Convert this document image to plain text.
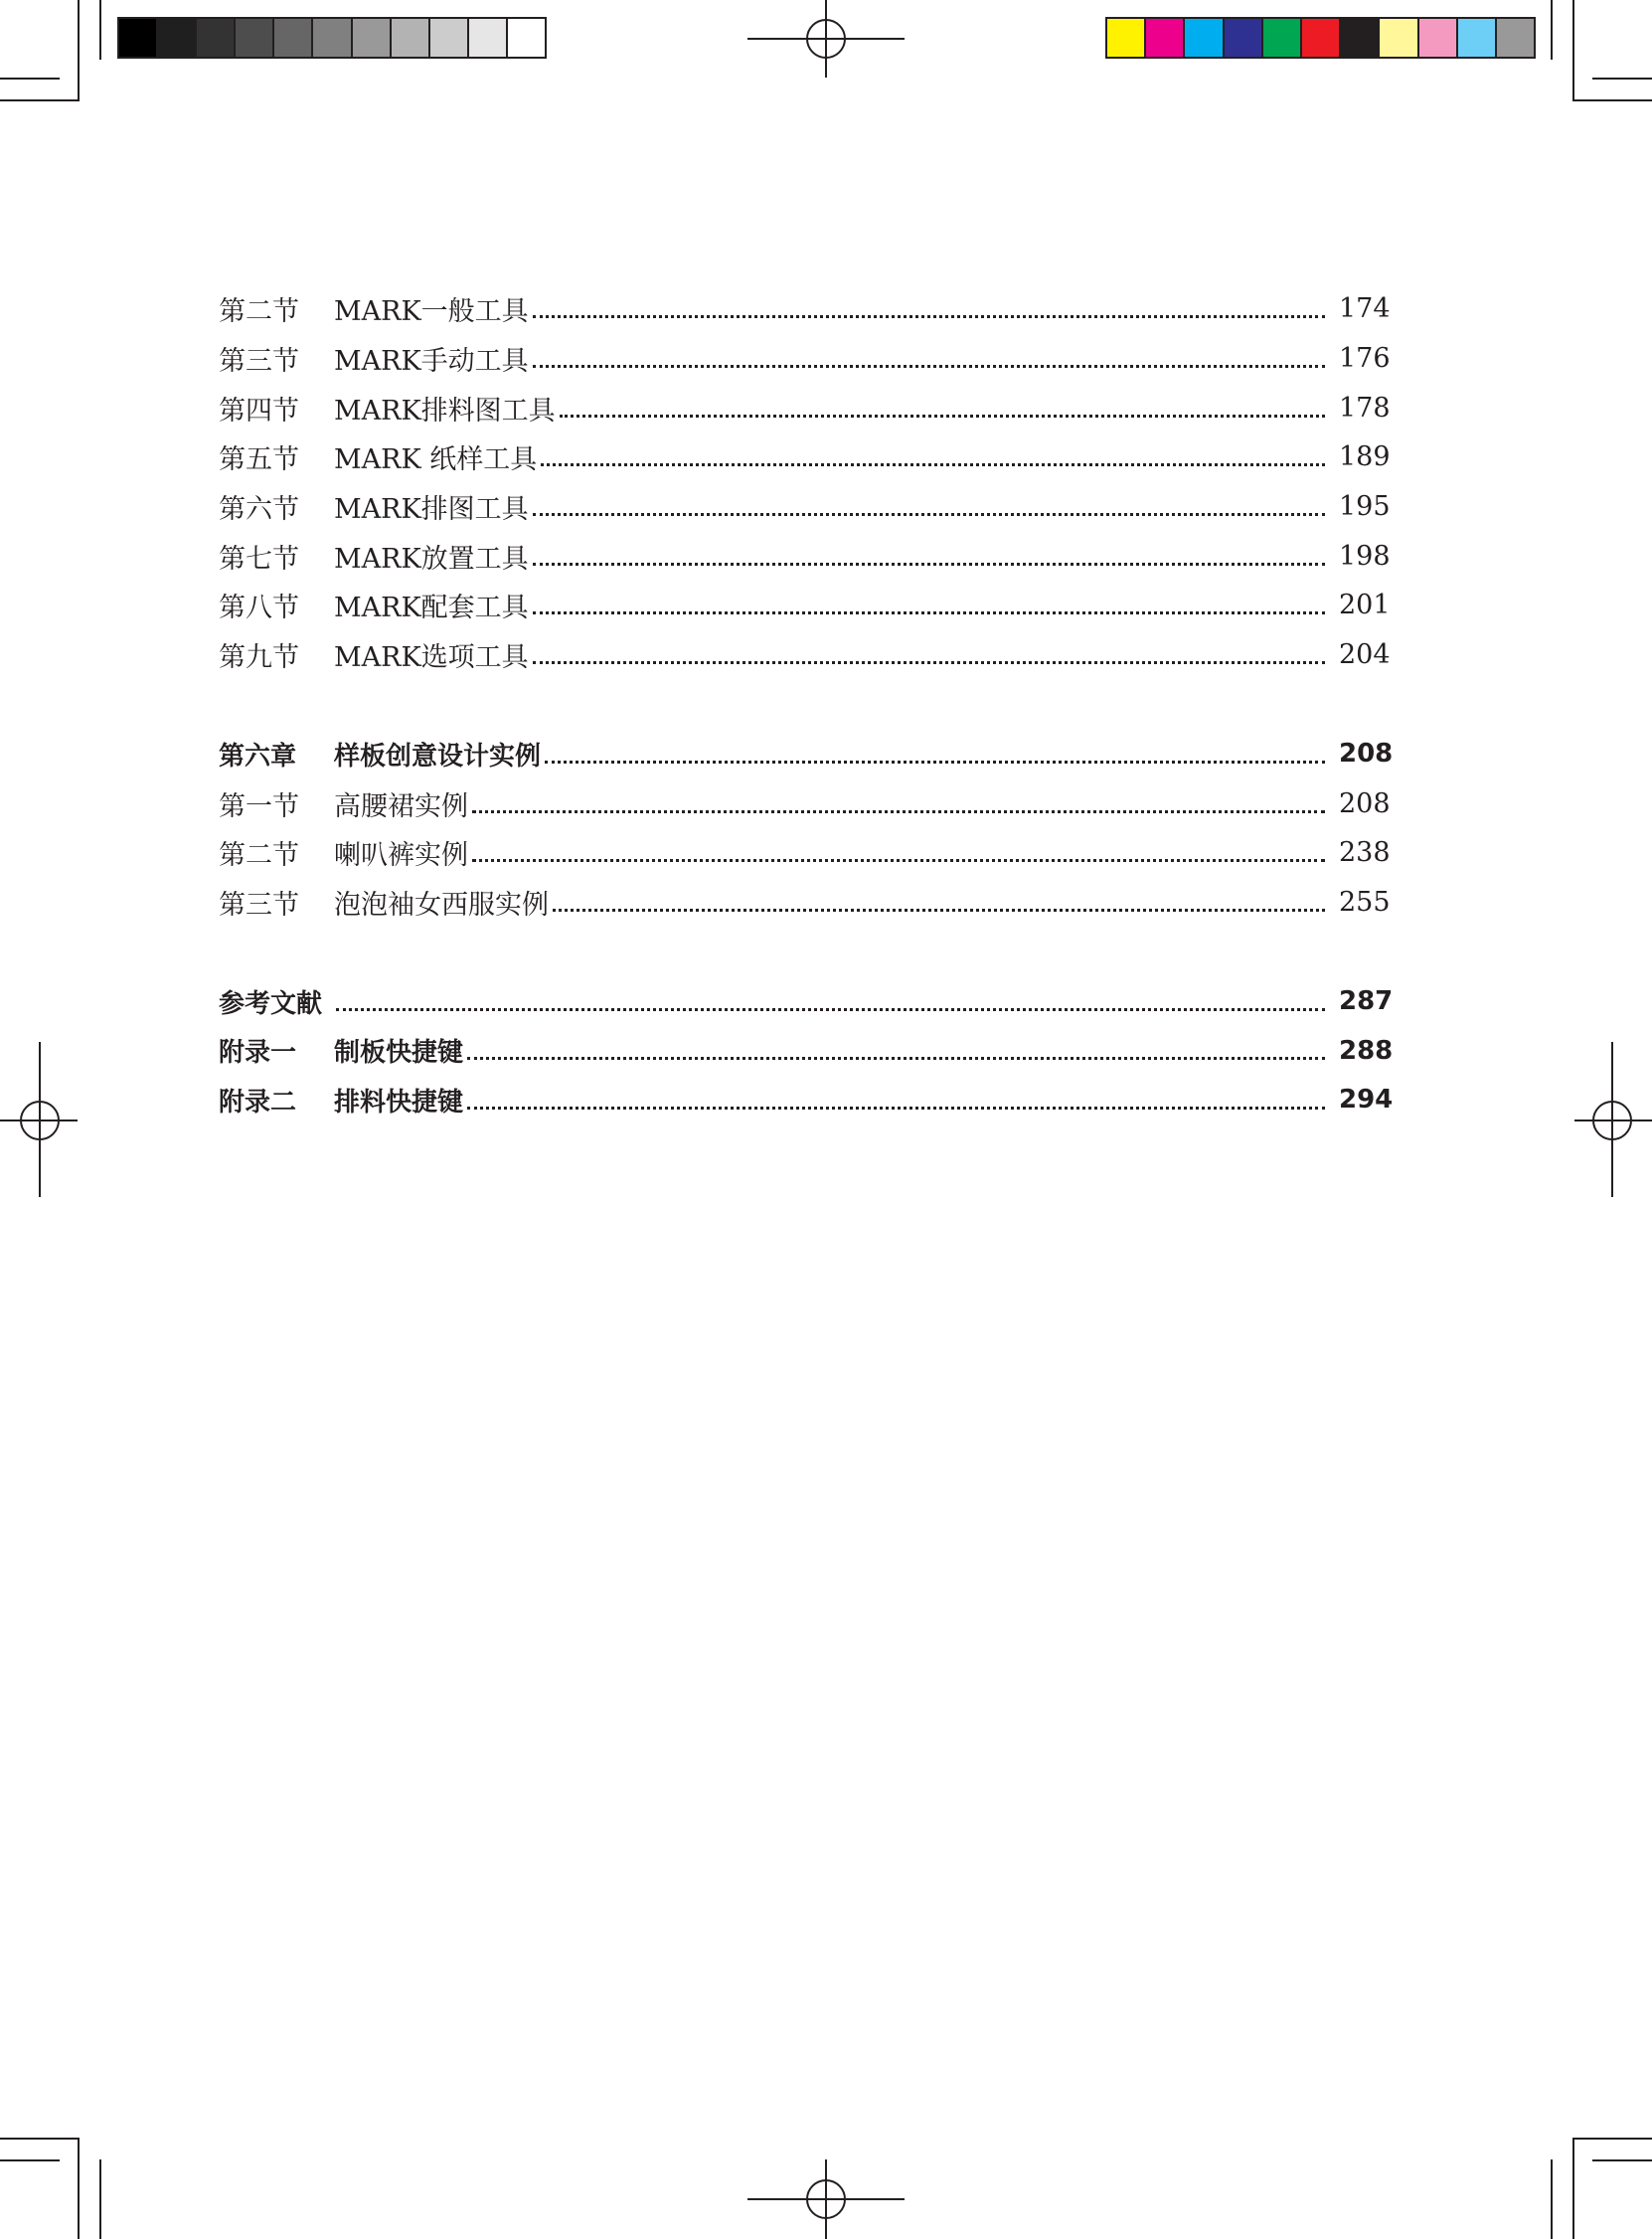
第二节	MARK一般工具	174
第三节	MARK手动工具	176
第四节	MARK排料图工具	178
第五节	MARK 纸样工具	189
第六节	MARK排图工具	195
第七节	MARK放置工具	198
第八节	MARK配套工具	201
第九节	MARK选项工具	204
第六章	样板创意设计实例	208
第一节	高腰裙实例	208
第二节	喇叭裤实例	238
第三节	泡泡袖女西服实例	255
参考文献	287
附录一	制板快捷键	288
附录二	排料快捷键	294
